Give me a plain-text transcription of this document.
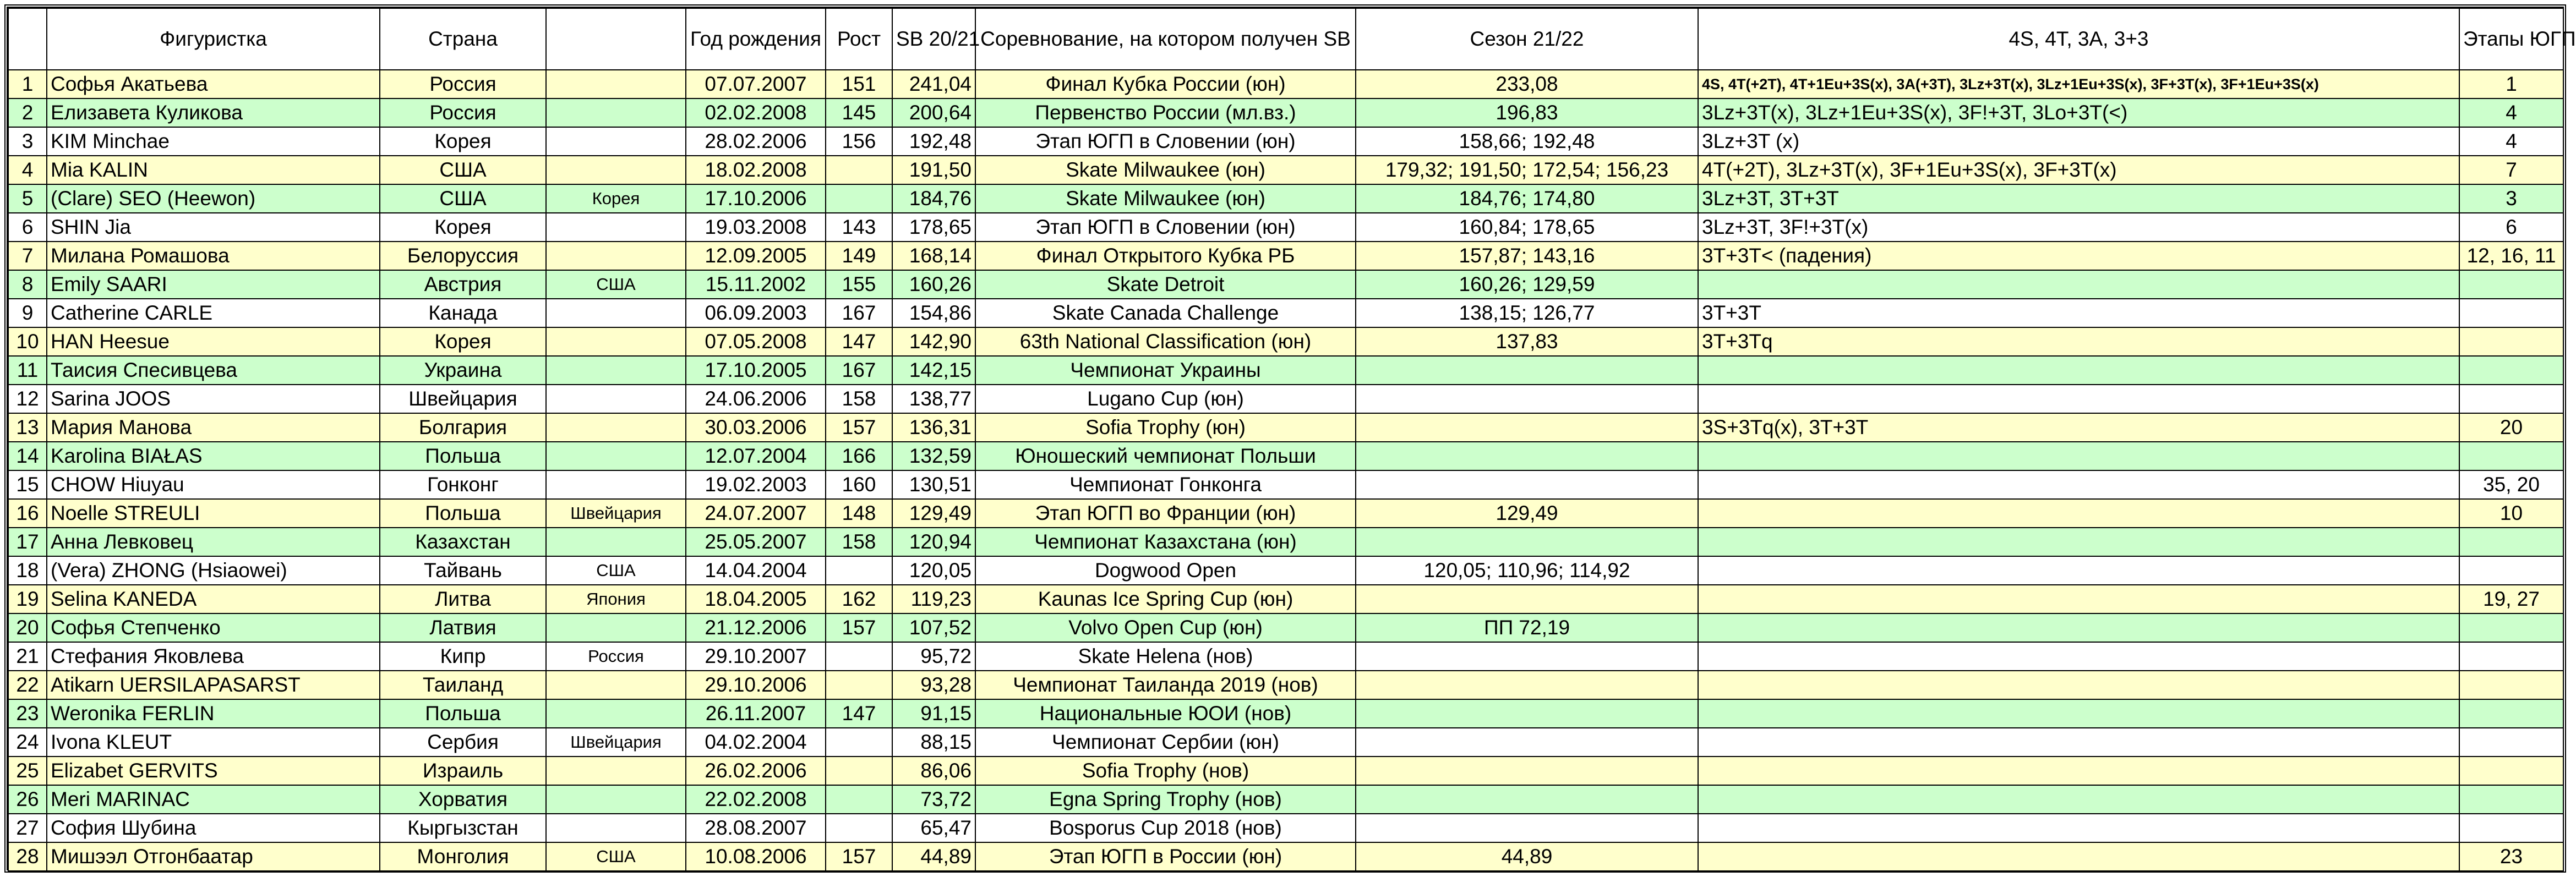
	Фигуристка	Страна		Год рождения	Рост	SB 20/21	Соревнование, на котором получен SB	Сезон 21/22	4S, 4T, 3A, 3+3	Этапы ЮГП
1	Софья Акатьева	Россия		07.07.2007	151	241,04	Финал Кубка России (юн)	233,08	4S, 4T(+2T), 4T+1Eu+3S(x), 3A(+3T), 3Lz+3T(x), 3Lz+1Eu+3S(x), 3F+3T(x), 3F+1Eu+3S(x)	1
2	Елизавета Куликова	Россия		02.02.2008	145	200,64	Первенство России (мл.вз.)	196,83	3Lz+3T(x), 3Lz+1Eu+3S(x), 3F!+3T, 3Lo+3T(<)	4
3	KIM Minchae	Корея		28.02.2006	156	192,48	Этап ЮГП в Словении (юн)	158,66; 192,48	3Lz+3T (x)	4
4	Mia KALIN	США		18.02.2008		191,50	Skate Milwaukee (юн)	179,32; 191,50; 172,54; 156,23	4T(+2T), 3Lz+3T(x), 3F+1Eu+3S(x), 3F+3T(x)	7
5	(Clare) SEO (Heewon)	США	Корея	17.10.2006		184,76	Skate Milwaukee (юн)	184,76; 174,80	3Lz+3T, 3T+3T	3
6	SHIN Jia	Корея		19.03.2008	143	178,65	Этап ЮГП в Словении (юн)	160,84; 178,65	3Lz+3T, 3F!+3T(x)	6
7	Милана Ромашова	Белоруссия		12.09.2005	149	168,14	Финал Открытого Кубка РБ	157,87; 143,16	3T+3T< (падения)	12, 16, 11
8	Emily SAARI	Австрия	США	15.11.2002	155	160,26	Skate Detroit	160,26; 129,59		
9	Catherine CARLE	Канада		06.09.2003	167	154,86	Skate Canada Challenge	138,15; 126,77	3T+3T	
10	HAN Heesue	Корея		07.05.2008	147	142,90	63th National Classification (юн)	137,83	3T+3Tq	
11	Таисия Спесивцева	Украина		17.10.2005	167	142,15	Чемпионат Украины			
12	Sarina JOOS	Швейцария		24.06.2006	158	138,77	Lugano Cup (юн)			
13	Мария Манова	Болгария		30.03.2006	157	136,31	Sofia Trophy (юн)		3S+3Tq(x), 3T+3T	20
14	Karolina BIAŁAS	Польша		12.07.2004	166	132,59	Юношеский чемпионат Польши			
15	CHOW Hiuyau	Гонконг		19.02.2003	160	130,51	Чемпионат Гонконга			35, 20
16	Noelle STREULI	Польша	Швейцария	24.07.2007	148	129,49	Этап ЮГП во Франции (юн)	129,49		10
17	Анна Левковец	Казахстан		25.05.2007	158	120,94	Чемпионат Казахстана (юн)			
18	(Vera) ZHONG (Hsiaowei)	Тайвань	США	14.04.2004		120,05	Dogwood Open	120,05; 110,96; 114,92		
19	Selina KANEDA	Литва	Япония	18.04.2005	162	119,23	Kaunas Ice Spring Cup (юн)			19, 27
20	Софья Степченко	Латвия		21.12.2006	157	107,52	Volvo Open Cup (юн)	ПП 72,19		
21	Стефания Яковлева	Кипр	Россия	29.10.2007		95,72	Skate Helena (нов)			
22	Atikarn UERSILAPASARST	Таиланд		29.10.2006		93,28	Чемпионат Таиланда 2019 (нов)			
23	Weronika FERLIN	Польша		26.11.2007	147	91,15	Национальные ЮОИ (нов)			
24	Ivona KLEUT	Сербия	Швейцария	04.02.2004		88,15	Чемпионат Сербии (юн)			
25	Elizabet GERVITS	Израиль		26.02.2006		86,06	Sofia Trophy (нов)			
26	Meri MARINAC	Хорватия		22.02.2008		73,72	Egna Spring Trophy (нов)			
27	София Шубина	Кыргызстан		28.08.2007		65,47	Bosporus Cup 2018 (нов)			
28	Мишээл Отгонбаатар	Монголия	США	10.08.2006	157	44,89	Этап ЮГП в России (юн)	44,89		23
